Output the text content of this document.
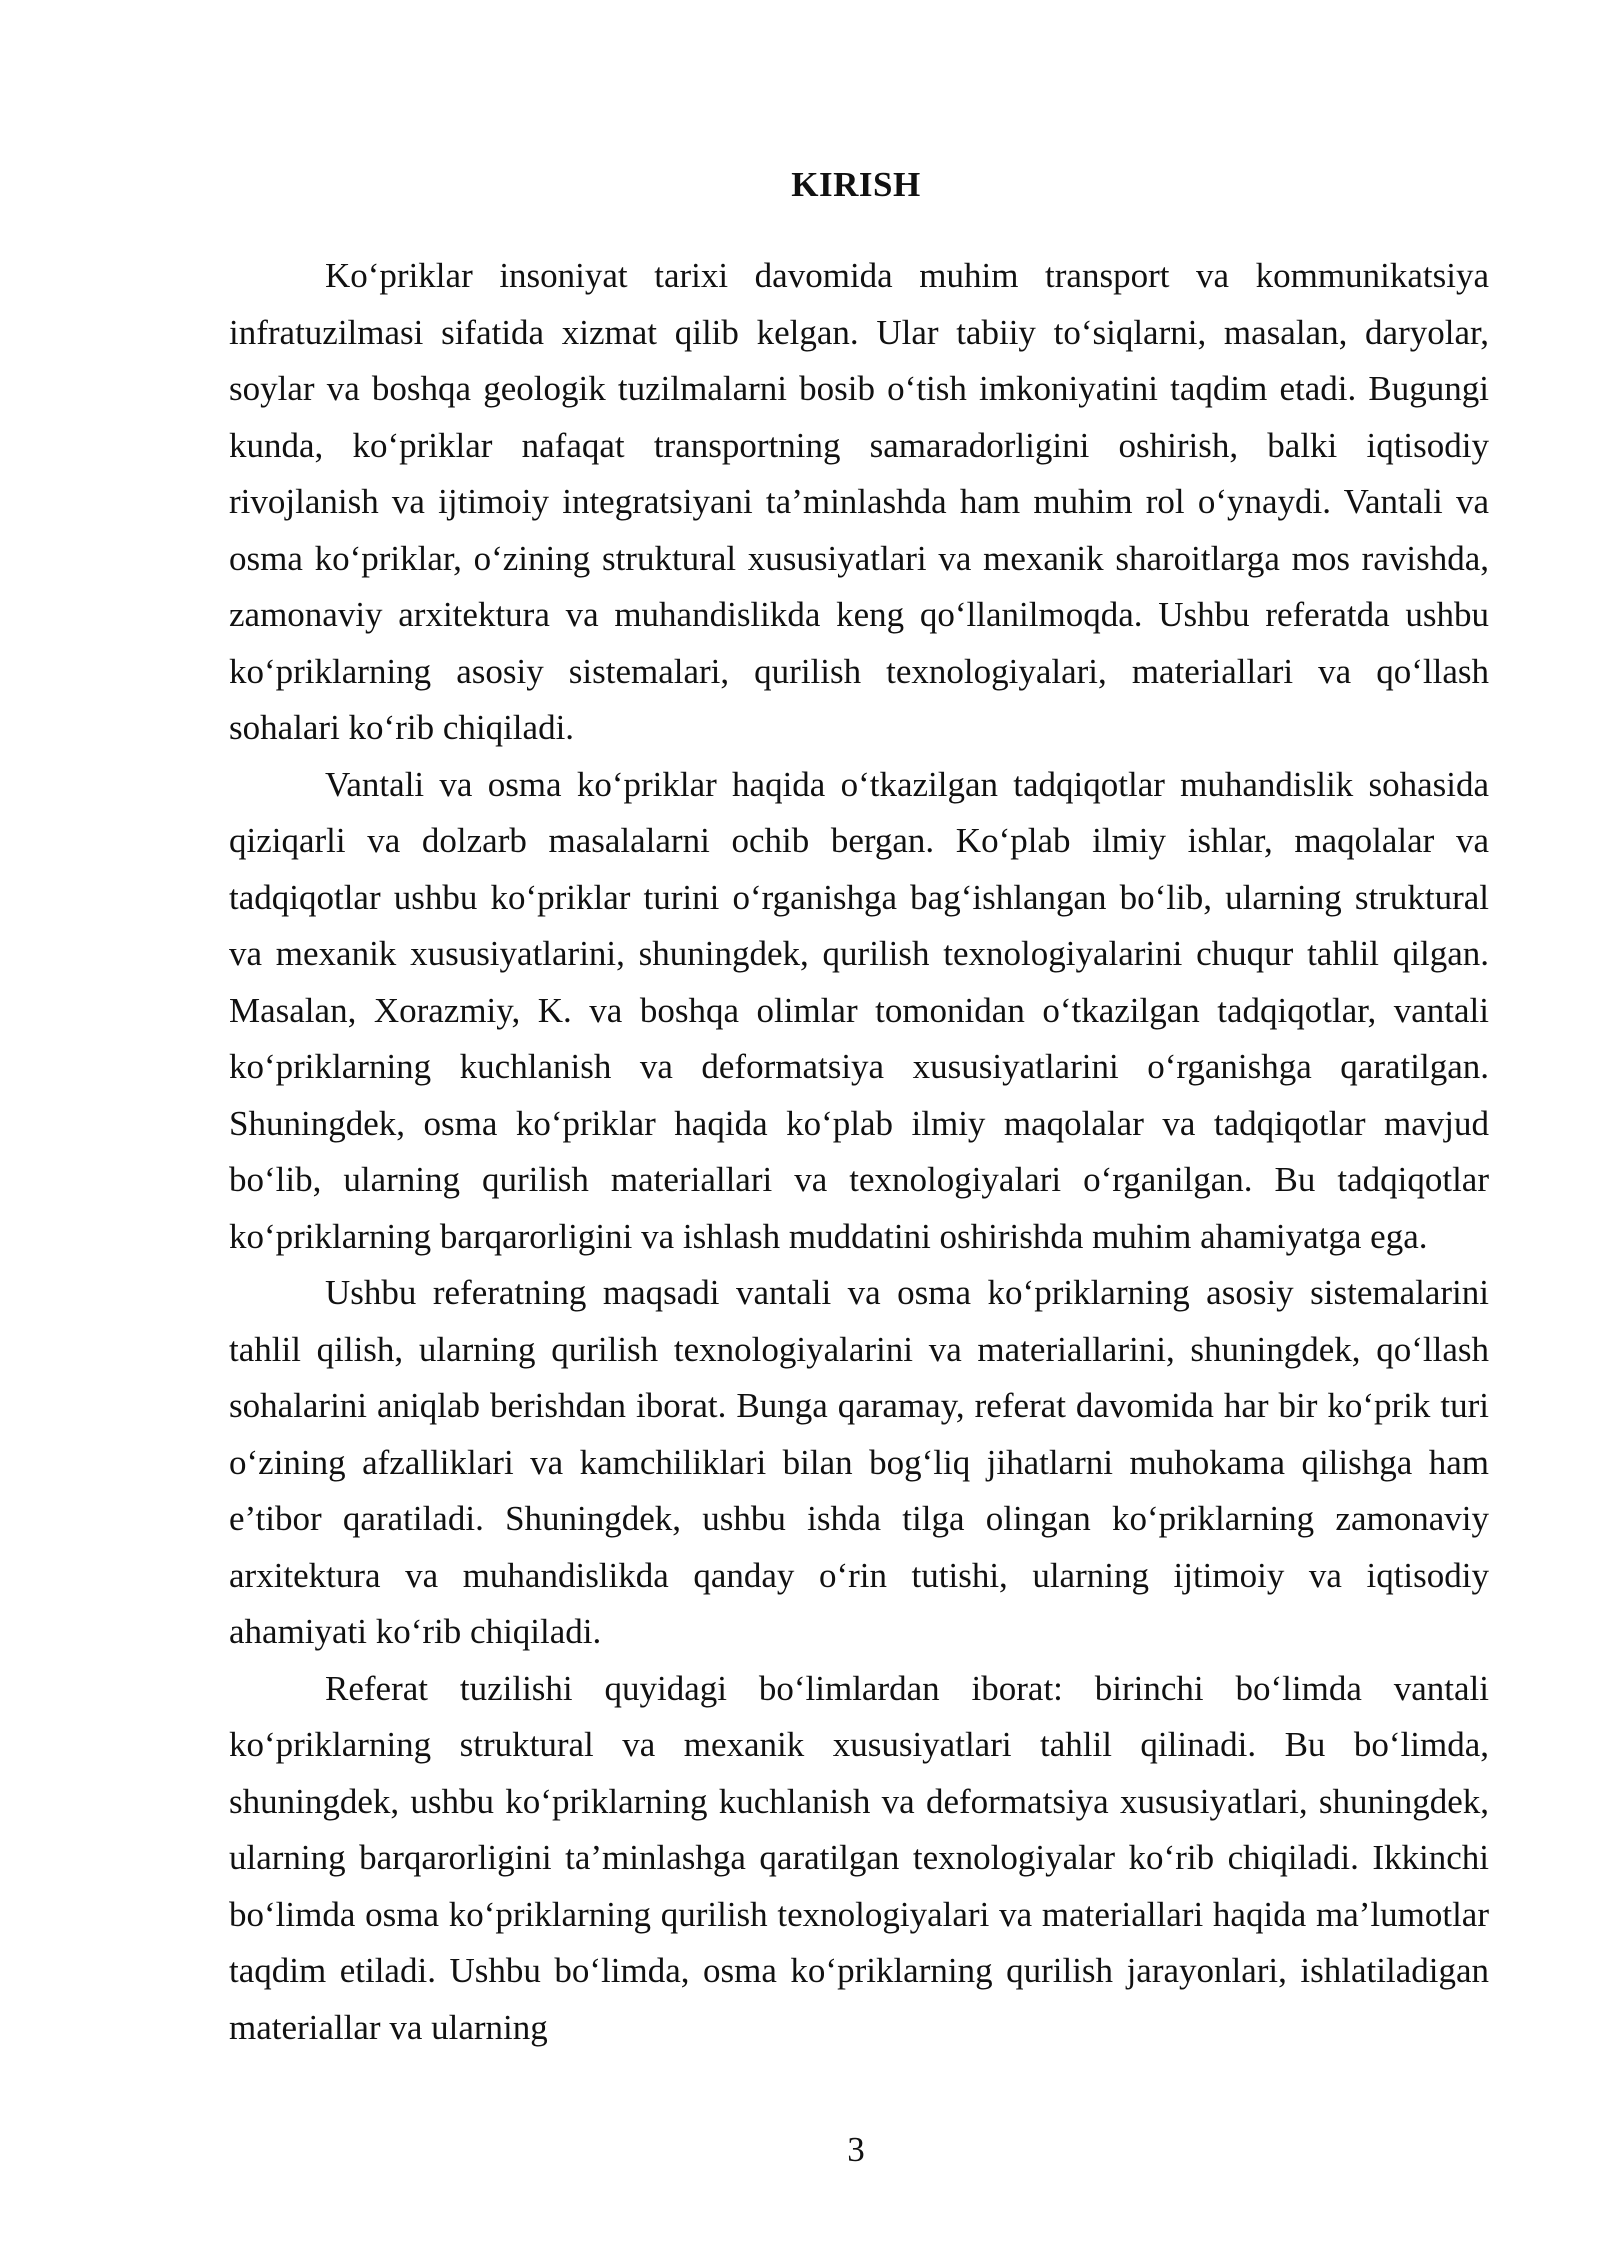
KIRISH

Ko‘priklar insoniyat tarixi davomida muhim transport va kommunikatsiya infratuzilmasi sifatida xizmat qilib kelgan. Ular tabiiy to‘siqlarni, masalan, daryolar, soylar va boshqa geologik tuzilmalarni bosib o‘tish imkoniyatini taqdim etadi. Bugungi kunda, ko‘priklar nafaqat transportning samaradorligini oshirish, balki iqtisodiy rivojlanish va ijtimoiy integratsiyani ta’minlashda ham muhim rol o‘ynaydi. Vantali va osma ko‘priklar, o‘zining struktural xususiyatlari va mexanik sharoitlarga mos ravishda, zamonaviy arxitektura va muhandislikda keng qo‘llanilmoqda. Ushbu referatda ushbu ko‘priklarning asosiy sistemalari, qurilish texnologiyalari, materiallari va qo‘llash sohalari ko‘rib chiqiladi.

Vantali va osma ko‘priklar haqida o‘tkazilgan tadqiqotlar muhandislik sohasida qiziqarli va dolzarb masalalarni ochib bergan. Ko‘plab ilmiy ishlar, maqolalar va tadqiqotlar ushbu ko‘priklar turini o‘rganishga bag‘ishlangan bo‘lib, ularning struktural va mexanik xususiyatlarini, shuningdek, qurilish texnologiyalarini chuqur tahlil qilgan. Masalan, Xorazmiy, K. va boshqa olimlar tomonidan o‘tkazilgan tadqiqotlar, vantali ko‘priklarning kuchlanish va deformatsiya xususiyatlarini o‘rganishga qaratilgan. Shuningdek, osma ko‘priklar haqida ko‘plab ilmiy maqolalar va tadqiqotlar mavjud bo‘lib, ularning qurilish materiallari va texnologiyalari o‘rganilgan. Bu tadqiqotlar ko‘priklarning barqarorligini va ishlash muddatini oshirishda muhim ahamiyatga ega.

Ushbu referatning maqsadi vantali va osma ko‘priklarning asosiy sistemalarini tahlil qilish, ularning qurilish texnologiyalarini va materiallarini, shuningdek, qo‘llash sohalarini aniqlab berishdan iborat. Bunga qaramay, referat davomida har bir ko‘prik turi o‘zining afzalliklari va kamchiliklari bilan bog‘liq jihatlarni muhokama qilishga ham e’tibor qaratiladi. Shuningdek, ushbu ishda tilga olingan ko‘priklarning zamonaviy arxitektura va muhandislikda qanday o‘rin tutishi, ularning ijtimoiy va iqtisodiy ahamiyati ko‘rib chiqiladi.

Referat tuzilishi quyidagi bo‘limlardan iborat: birinchi bo‘limda vantali ko‘priklarning struktural va mexanik xususiyatlari tahlil qilinadi. Bu bo‘limda, shuningdek, ushbu ko‘priklarning kuchlanish va deformatsiya xususiyatlari, shuningdek, ularning barqarorligini ta’minlashga qaratilgan texnologiyalar ko‘rib chiqiladi. Ikkinchi bo‘limda osma ko‘priklarning qurilish texnologiyalari va materiallari haqida ma’lumotlar taqdim etiladi. Ushbu bo‘limda, osma ko‘priklarning qurilish jarayonlari, ishlatiladigan materiallar va ularning

3
